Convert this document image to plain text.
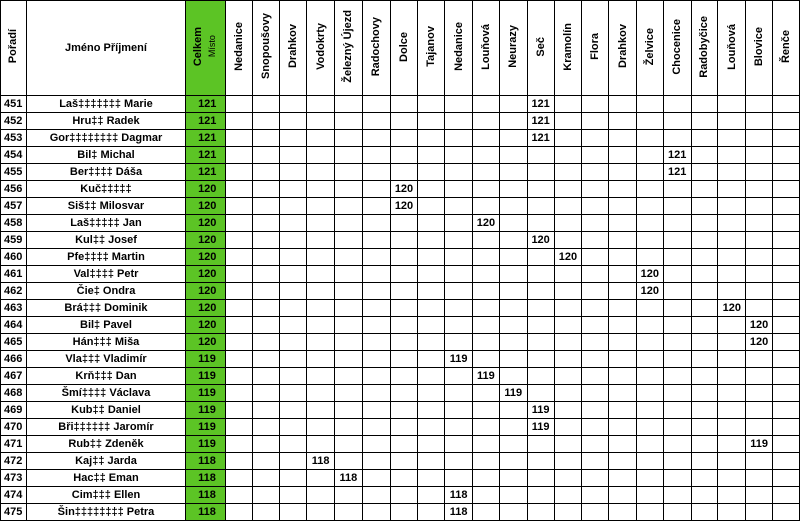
Pořadí	Jméno Příjmení	Celkem Místo	Nedanice	Snopoušovy	Drahkov	Vodokrty	Železný Újezd	Radochovy	Dolce	Tajanov	Nedanice	Louňová	Neurazy	Seč	Kramolín	Flora	Drahkov	Želvice	Chocenice	Radobyčice	Louňová	Blovice	Řenče
451	Laš‡‡‡‡‡‡‡ Marie	121												121									
452	Hru‡‡ Radek	121												121									
453	Gor‡‡‡‡‡‡‡‡ Dagmar	121												121									
454	Bil‡ Michal	121																	121				
455	Ber‡‡‡‡ Dáša	121																	121				
456	Kuč‡‡‡‡‡	120							120														
457	Siš‡‡ Milosvar	120							120														
458	Laš‡‡‡‡‡ Jan	120										120											
459	Kul‡‡ Josef	120												120									
460	Pfe‡‡‡‡ Martin	120													120								
461	Val‡‡‡‡ Petr	120																120					
462	Čie‡ Ondra	120																120					
463	Brá‡‡‡ Dominik	120																			120		
464	Bil‡ Pavel	120																				120	
465	Hán‡‡‡ Miša	120																				120	
466	Vla‡‡‡ Vladimír	119									119												
467	Krň‡‡‡ Dan	119										119											
468	Šmí‡‡‡‡ Václava	119											119										
469	Kub‡‡ Daniel	119												119									
470	Bři‡‡‡‡‡‡ Jaromír	119												119									
471	Rub‡‡ Zdeněk	119																				119	
472	Kaj‡‡ Jarda	118				118																	
473	Hac‡‡ Eman	118					118																
474	Cim‡‡‡ Ellen	118									118												
475	Šin‡‡‡‡‡‡‡‡ Petra	118									118												
